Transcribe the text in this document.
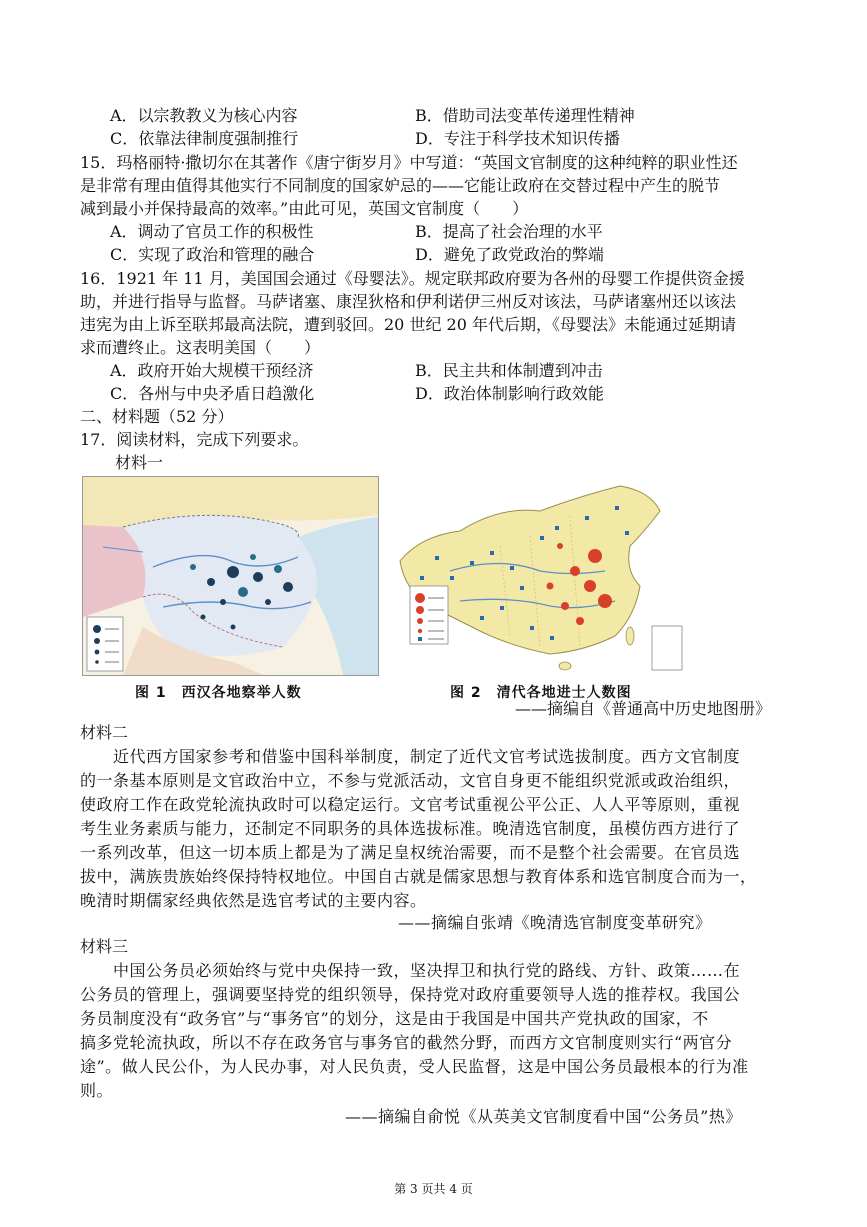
A．以宗教教义为核心内容	B．借助司法变革传递理性精神
C．依靠法律制度强制推行	D．专注于科学技术知识传播
15．玛格丽特·撒切尔在其著作《唐宁街岁月》中写道：“英国文官制度的这种纯粹的职业性还
是非常有理由值得其他实行不同制度的国家妒忌的——它能让政府在交替过程中产生的脱节
减到最小并保持最高的效率。”由此可见，英国文官制度（　　）
A．调动了官员工作的积极性	B．提高了社会治理的水平
C．实现了政治和管理的融合	D．避免了政党政治的弊端
16．1921 年 11 月，美国国会通过《母婴法》。规定联邦政府要为各州的母婴工作提供资金援
助，并进行指导与监督。马萨诸塞、康涅狄格和伊利诺伊三州反对该法，马萨诸塞州还以该法
违宪为由上诉至联邦最高法院，遭到驳回。20 世纪 20 年代后期，《母婴法》未能通过延期请
求而遭终止。这表明美国（　　）
A．政府开始大规模干预经济	B．民主共和体制遭到冲击
C．各州与中央矛盾日趋激化	D．政治体制影响行政效能
二、材料题（52 分）
17．阅读材料，完成下列要求。
材料一
图 1　西汉各地察举人数	图 2　清代各地进士人数图
——摘编自《普通高中历史地图册》
材料二
近代西方国家参考和借鉴中国科举制度，制定了近代文官考试选拔制度。西方文官制度
的一条基本原则是文官政治中立，不参与党派活动，文官自身更不能组织党派或政治组织，
使政府工作在政党轮流执政时可以稳定运行。文官考试重视公平公正、人人平等原则，重视
考生业务素质与能力，还制定不同职务的具体选拔标准。晚清选官制度，虽模仿西方进行了
一系列改革，但这一切本质上都是为了满足皇权统治需要，而不是整个社会需要。在官员选
拔中，满族贵族始终保持特权地位。中国自古就是儒家思想与教育体系和选官制度合而为一，
晚清时期儒家经典依然是选官考试的主要内容。
——摘编自张靖《晚清选官制度变革研究》
材料三
中国公务员必须始终与党中央保持一致，坚决捍卫和执行党的路线、方针、政策……在
公务员的管理上，强调要坚持党的组织领导，保持党对政府重要领导人选的推荐权。我国公
务员制度没有“政务官”与“事务官”的划分，这是由于我国是中国共产党执政的国家，不
搞多党轮流执政，所以不存在政务官与事务官的截然分野，而西方文官制度则实行“两官分
途”。做人民公仆，为人民办事，对人民负责，受人民监督，这是中国公务员最根本的行为准
则。
——摘编自俞悦《从英美文官制度看中国“公务员”热》
第 3 页共 4 页
